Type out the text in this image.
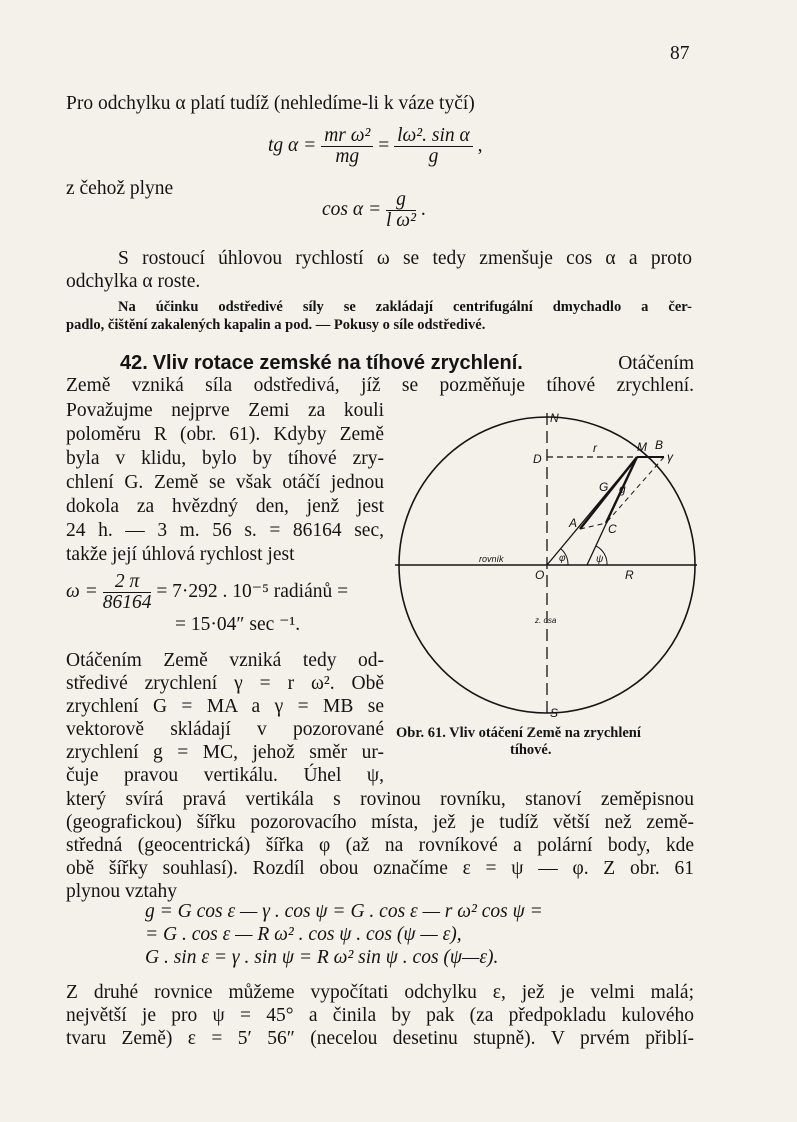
87
Pro odchylku α platí tudíž (nehledíme-li k váze tyčí)
tg $\alpha = \frac{\text{mr ω²}}{mg} = \frac{\text{lω². sin α}}{g}$ ,
z čehož plyne
$\cos \alpha = \frac{g}{\text{l ω²}}$ .
S rostoucí úhlovou rychlostí ω se tedy zmenšuje cos α a proto
odchylka α roste.
Na účinku odstředivé síly se zakládají centrifugální dmychadlo a čer-
padlo, čištění zakalených kapalin a pod. — Pokusy o síle odstředivé.
42. Vliv rotace zemské na tíhové zrychlení.	Otáčením
Země vzniká síla odstředivá, jíž se pozměňuje tíhové zrychlení.
Považujme nejprve Zemi za kouli
poloměru R (obr. 61). Kdyby Země
byla v klidu, bylo by tíhové zry-
chlení G. Země se však otáčí jednou
dokola za hvězdný den, jenž jest
24 h. — 3 m. 56 s. = 86164 sec,
takže její úhlová rychlost jest
$\omega = \frac{2 \pi}{86164} = 7\cdot 292$ . 10⁻⁵ radiánů =
= 15·04″ sec ⁻¹.
Otáčením Země vzniká tedy od-
středivé zrychlení γ = r ω². Obě
zrychlení G = MA a γ = MB se
vektorově skládají v pozorované
zrychlení g = MC, jehož směr ur-
čuje pravou vertikálu. Úhel ψ,
N
S
D
r	M B
γ
G g
A	C
O	R
φ	ψ
rovník
z. osa
Obr. 61. Vliv otáčení Země na zrychlení
tíhové.
který svírá pravá vertikála s rovinou rovníku, stanoví zeměpisnou
(geografickou) šířku pozorovacího místa, jež je tudíž větší než země-
středná (geocentrická) šířka φ (až na rovníkové a polární body, kde
obě šířky souhlasí). Rozdíl obou označíme ε = ψ — φ. Z obr. 61
plynou vztahy
g = G cos ε — γ . cos ψ = G . cos ε — r ω² cos ψ =
= G . cos ε — R ω² . cos ψ . cos (ψ — ε),
G . sin ε = γ . sin ψ = R ω² sin ψ . cos (ψ—ε).
Z druhé rovnice můžeme vypočítati odchylku ε, jež je velmi malá;
největší je pro ψ = 45° a činila by pak (za předpokladu kulového
tvaru Země) ε = 5′ 56″ (necelou desetinu stupně). V prvém přiblí-
